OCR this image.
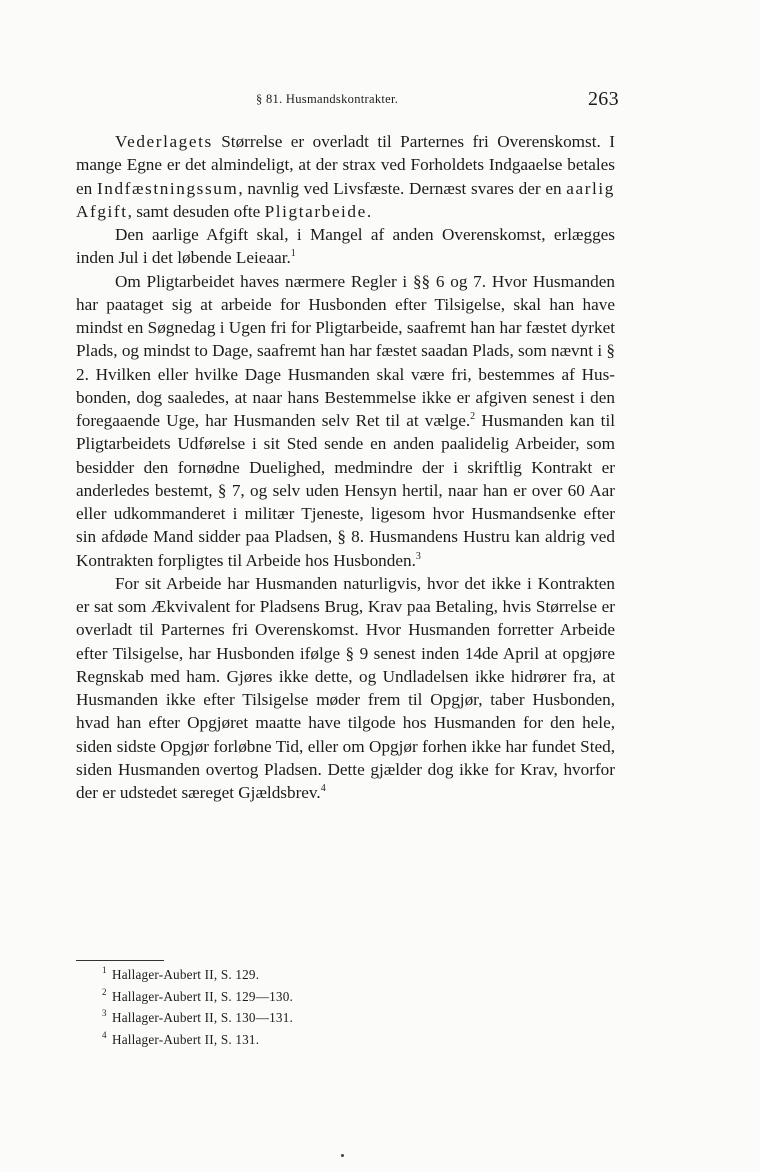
§ 81. Husmandskontrakter.	263

Vederlagets Størrelse er overladt til Parternes fri Overenskomst. I mange Egne er det almindeligt, at der strax ved Forholdets Indgaaelse betales en Indfæstningssum, navnlig ved Livsfæste. Dernæst svares der en aarlig Afgift, samt desuden ofte Pligtarbeide.

Den aarlige Afgift skal, i Mangel af anden Overenskomst, erlægges inden Jul i det løbende Leieaar.$^1$

Om Pligtarbeidet haves nærmere Regler i §§ 6 og 7. Hvor Husmanden har paataget sig at arbeide for Husbonden efter Tilsigelse, skal han have mindst en Søgnedag i Ugen fri for Pligtarbeide, saafremt han har fæstet dyrket Plads, og mindst to Dage, saafremt han har fæstet saadan Plads, som nævnt i § 2. Hvilken eller hvilke Dage Husmanden skal være fri, bestemmes af Husbonden, dog saaledes, at naar hans Bestemmelse ikke er afgiven senest i den foregaaende Uge, har Husmanden selv Ret til at vælge.$^2$ Husmanden kan til Pligtarbeidets Udførelse i sit Sted sende en anden paalidelig Arbeider, som besidder den fornødne Duelighed, medmindre der i skriftlig Kontrakt er anderledes bestemt, § 7, og selv uden Hensyn hertil, naar han er over 60 Aar eller udkommanderet i militær Tjeneste, ligesom hvor Husmandsenke efter sin afdøde Mand sidder paa Pladsen, § 8. Husmandens Hustru kan aldrig ved Kontrakten forpligtes til Arbeide hos Husbonden.$^3$

For sit Arbeide har Husmanden naturligvis, hvor det ikke i Kontrakten er sat som Ækvivalent for Pladsens Brug, Krav paa Betaling, hvis Størrelse er overladt til Parternes fri Overenskomst. Hvor Husmanden forretter Arbeide efter Tilsigelse, har Husbonden ifølge § 9 senest inden 14de April at opgjøre Regnskab med ham. Gjøres ikke dette, og Undladelsen ikke hidrører fra, at Husmanden ikke efter Tilsigelse møder frem til Opgjør, taber Husbonden, hvad han efter Opgjøret maatte have tilgode hos Husmanden for den hele, siden sidste Opgjør forløbne Tid, eller om Opgjør forhen ikke har fundet Sted, siden Husmanden overtog Pladsen. Dette gjælder dog ikke for Krav, hvorfor der er udstedet særeget Gjældsbrev.$^4$

1 Hallager-Aubert II, S. 129.
2 Hallager-Aubert II, S. 129—130.
3 Hallager-Aubert II, S. 130—131.
4 Hallager-Aubert II, S. 131.
